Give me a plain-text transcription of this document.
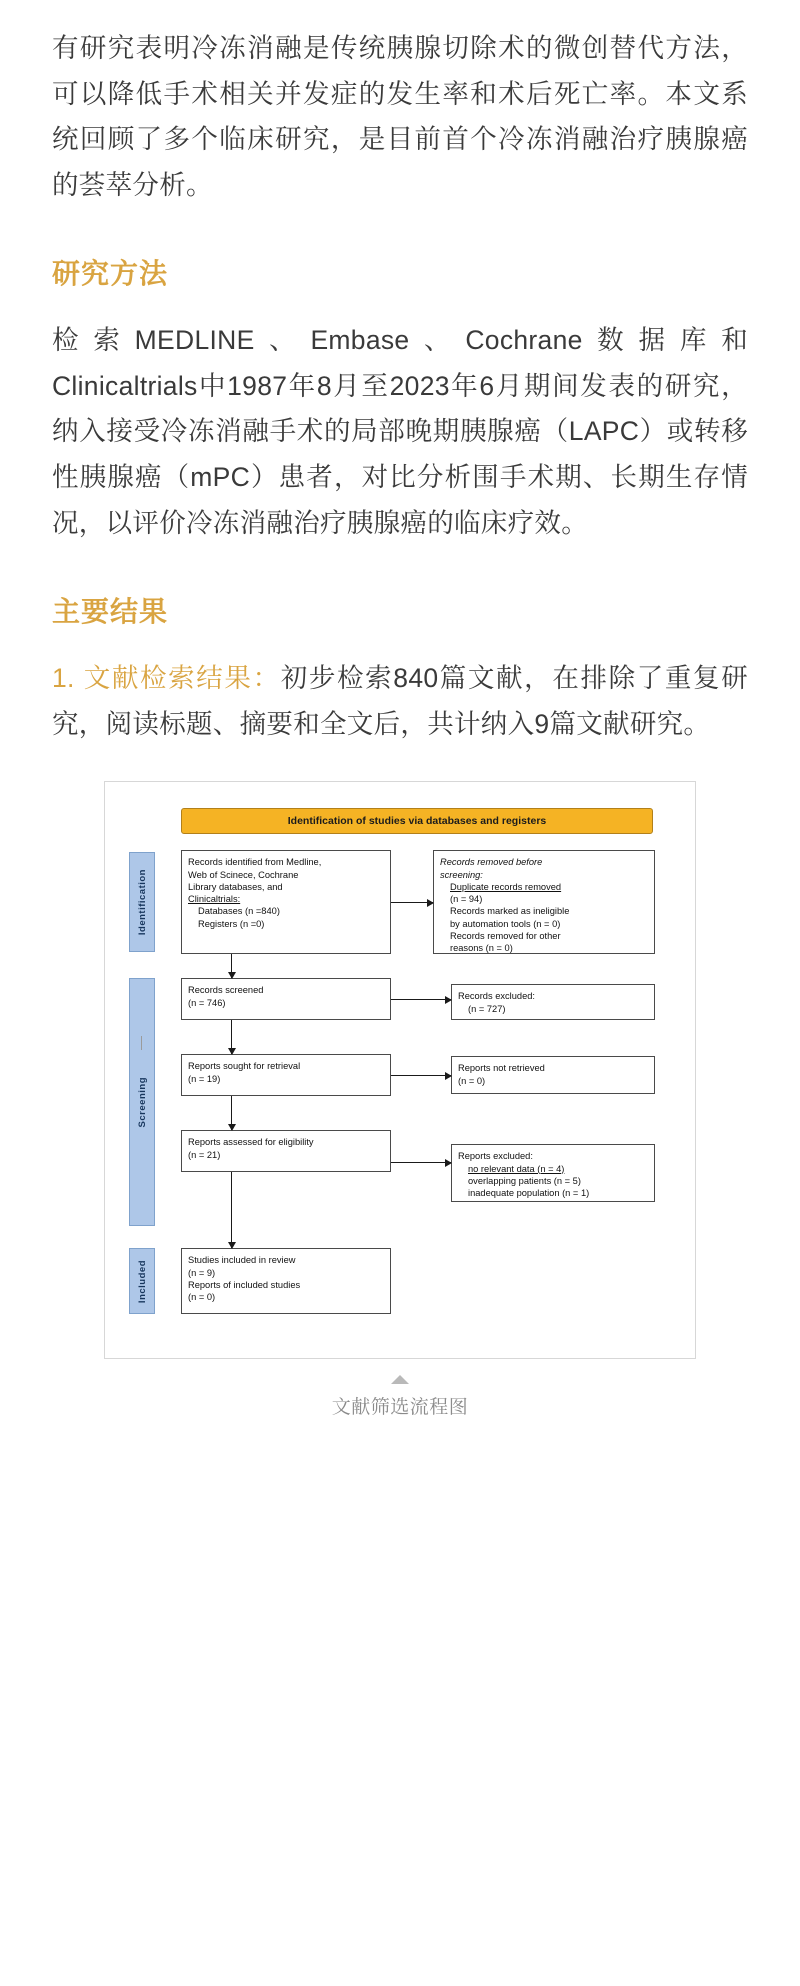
有研究表明冷冻消融是传统胰腺切除术的微创替代方法，可以降低手术相关并发症的发生率和术后死亡率。本文系统回顾了多个临床研究，是目前首个冷冻消融治疗胰腺癌的荟萃分析。

研究方法

检索MEDLINE、Embase、Cochrane数据库和Clinicaltrials中1987年8月至2023年6月期间发表的研究，纳入接受冷冻消融手术的局部晚期胰腺癌（LAPC）或转移性胰腺癌（mPC）患者，对比分析围手术期、长期生存情况，以评价冷冻消融治疗胰腺癌的临床疗效。

主要结果

1. 文献检索结果：初步检索840篇文献，在排除了重复研究，阅读标题、摘要和全文后，共计纳入9篇文献研究。

Identification of studies via databases and registers
Identification
Screening
Included
Records identified from Medline,
Web of Scinece, Cochrane
Library databases, and
Clinicaltrials:
Databases (n =840)
Registers (n =0)
Records removed before
screening:
Duplicate records removed
(n = 94)
Records marked as ineligible
by automation tools (n = 0)
Records removed for other
reasons (n = 0)
Records screened
(n = 746)
Records excluded:
(n = 727)
Reports sought for retrieval
(n = 19)
Reports not retrieved
(n = 0)
Reports assessed for eligibility
(n = 21)	Reports excluded:
no relevant data (n = 4)
overlapping patients (n = 5)
inadequate population (n = 1)
Studies included in review
(n = 9)
Reports of included studies
(n = 0)
文献筛选流程图
